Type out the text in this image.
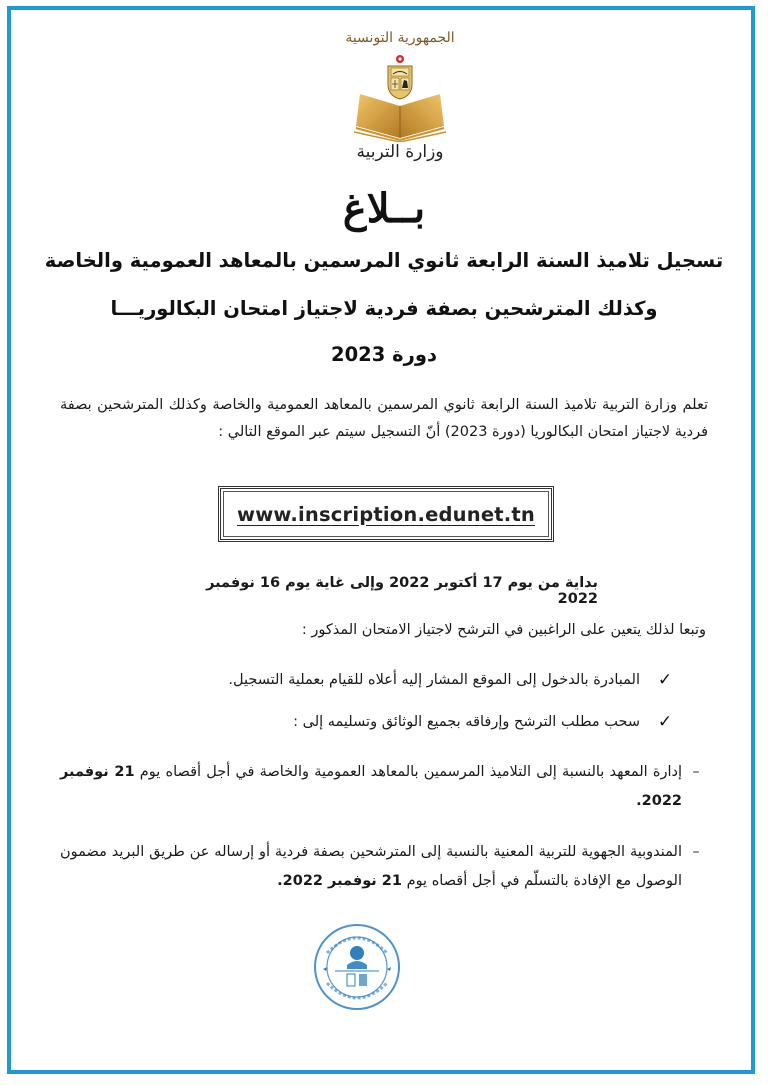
الجمهورية التونسية
وزارة التربية
بــلاغ
تسجيل تلاميذ السنة الرابعة ثانوي المرسمين بالمعاهد العمومية والخاصة
وكذلك المترشحين بصفة فردية لاجتياز امتحان البكالوريـــا
دورة 2023
تعلم وزارة التربية تلاميذ السنة الرابعة ثانوي المرسمين بالمعاهد العمومية والخاصة وكذلك المترشحين بصفة فردية لاجتياز امتحان البكالوريا (دورة 2023) أنّ التسجيل سيتم عبر الموقع التالي :
www.inscription.edunet.tn
بداية من يوم 17 أكتوبر 2022 وإلى غاية يوم 16 نوفمبر 2022
وتبعا لذلك يتعين على الراغبين في الترشح لاجتياز الامتحان المذكور :
✓
المبادرة بالدخول إلى الموقع المشار إليه أعلاه للقيام بعملية التسجيل.
✓
سحب مطلب الترشح وإرفاقه بجميع الوثائق وتسليمه إلى :
–
إدارة المعهد بالنسبة إلى التلاميذ المرسمين بالمعاهد العمومية والخاصة في أجل أقصاه يوم 21 نوفمبر 2022.
–
المندوبية الجهوية للتربية المعنية بالنسبة إلى المترشحين بصفة فردية أو إرساله عن طريق البريد مضمون الوصول مع الإفادة بالتسلّم في أجل أقصاه يوم 21 نوفمبر 2022.
